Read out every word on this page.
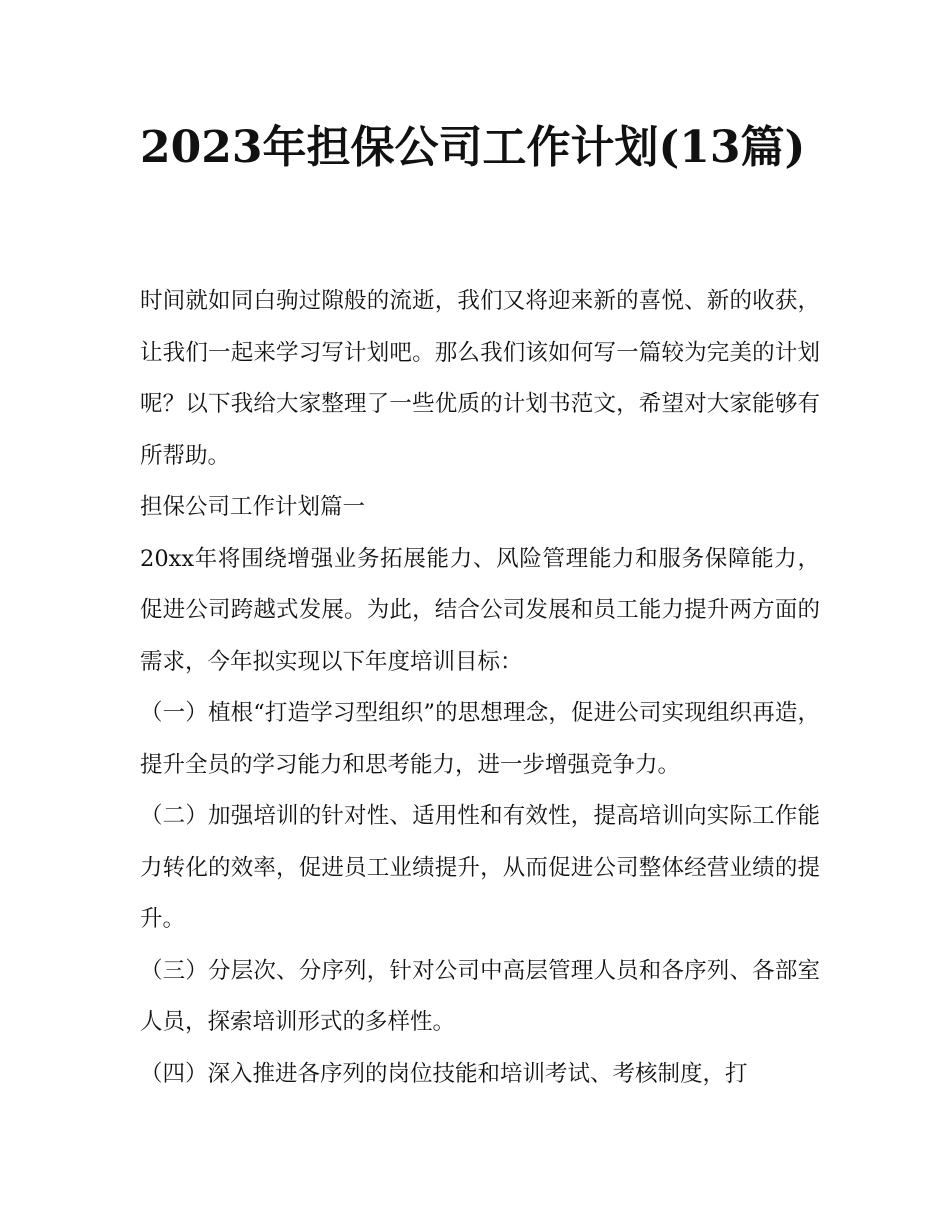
2023年担保公司工作计划(13篇)

时间就如同白驹过隙般的流逝，我们又将迎来新的喜悦、新的收获，让我们一起来学习写计划吧。那么我们该如何写一篇较为完美的计划呢？以下我给大家整理了一些优质的计划书范文，希望对大家能够有所帮助。

担保公司工作计划篇一

20xx年将围绕增强业务拓展能力、风险管理能力和服务保障能力，促进公司跨越式发展。为此，结合公司发展和员工能力提升两方面的需求，今年拟实现以下年度培训目标：

（一）植根“打造学习型组织”的思想理念，促进公司实现组织再造，提升全员的学习能力和思考能力，进一步增强竞争力。

（二）加强培训的针对性、适用性和有效性，提高培训向实际工作能力转化的效率，促进员工业绩提升，从而促进公司整体经营业绩的提升。

（三）分层次、分序列，针对公司中高层管理人员和各序列、各部室人员，探索培训形式的多样性。

（四）深入推进各序列的岗位技能和培训考试、考核制度，打
